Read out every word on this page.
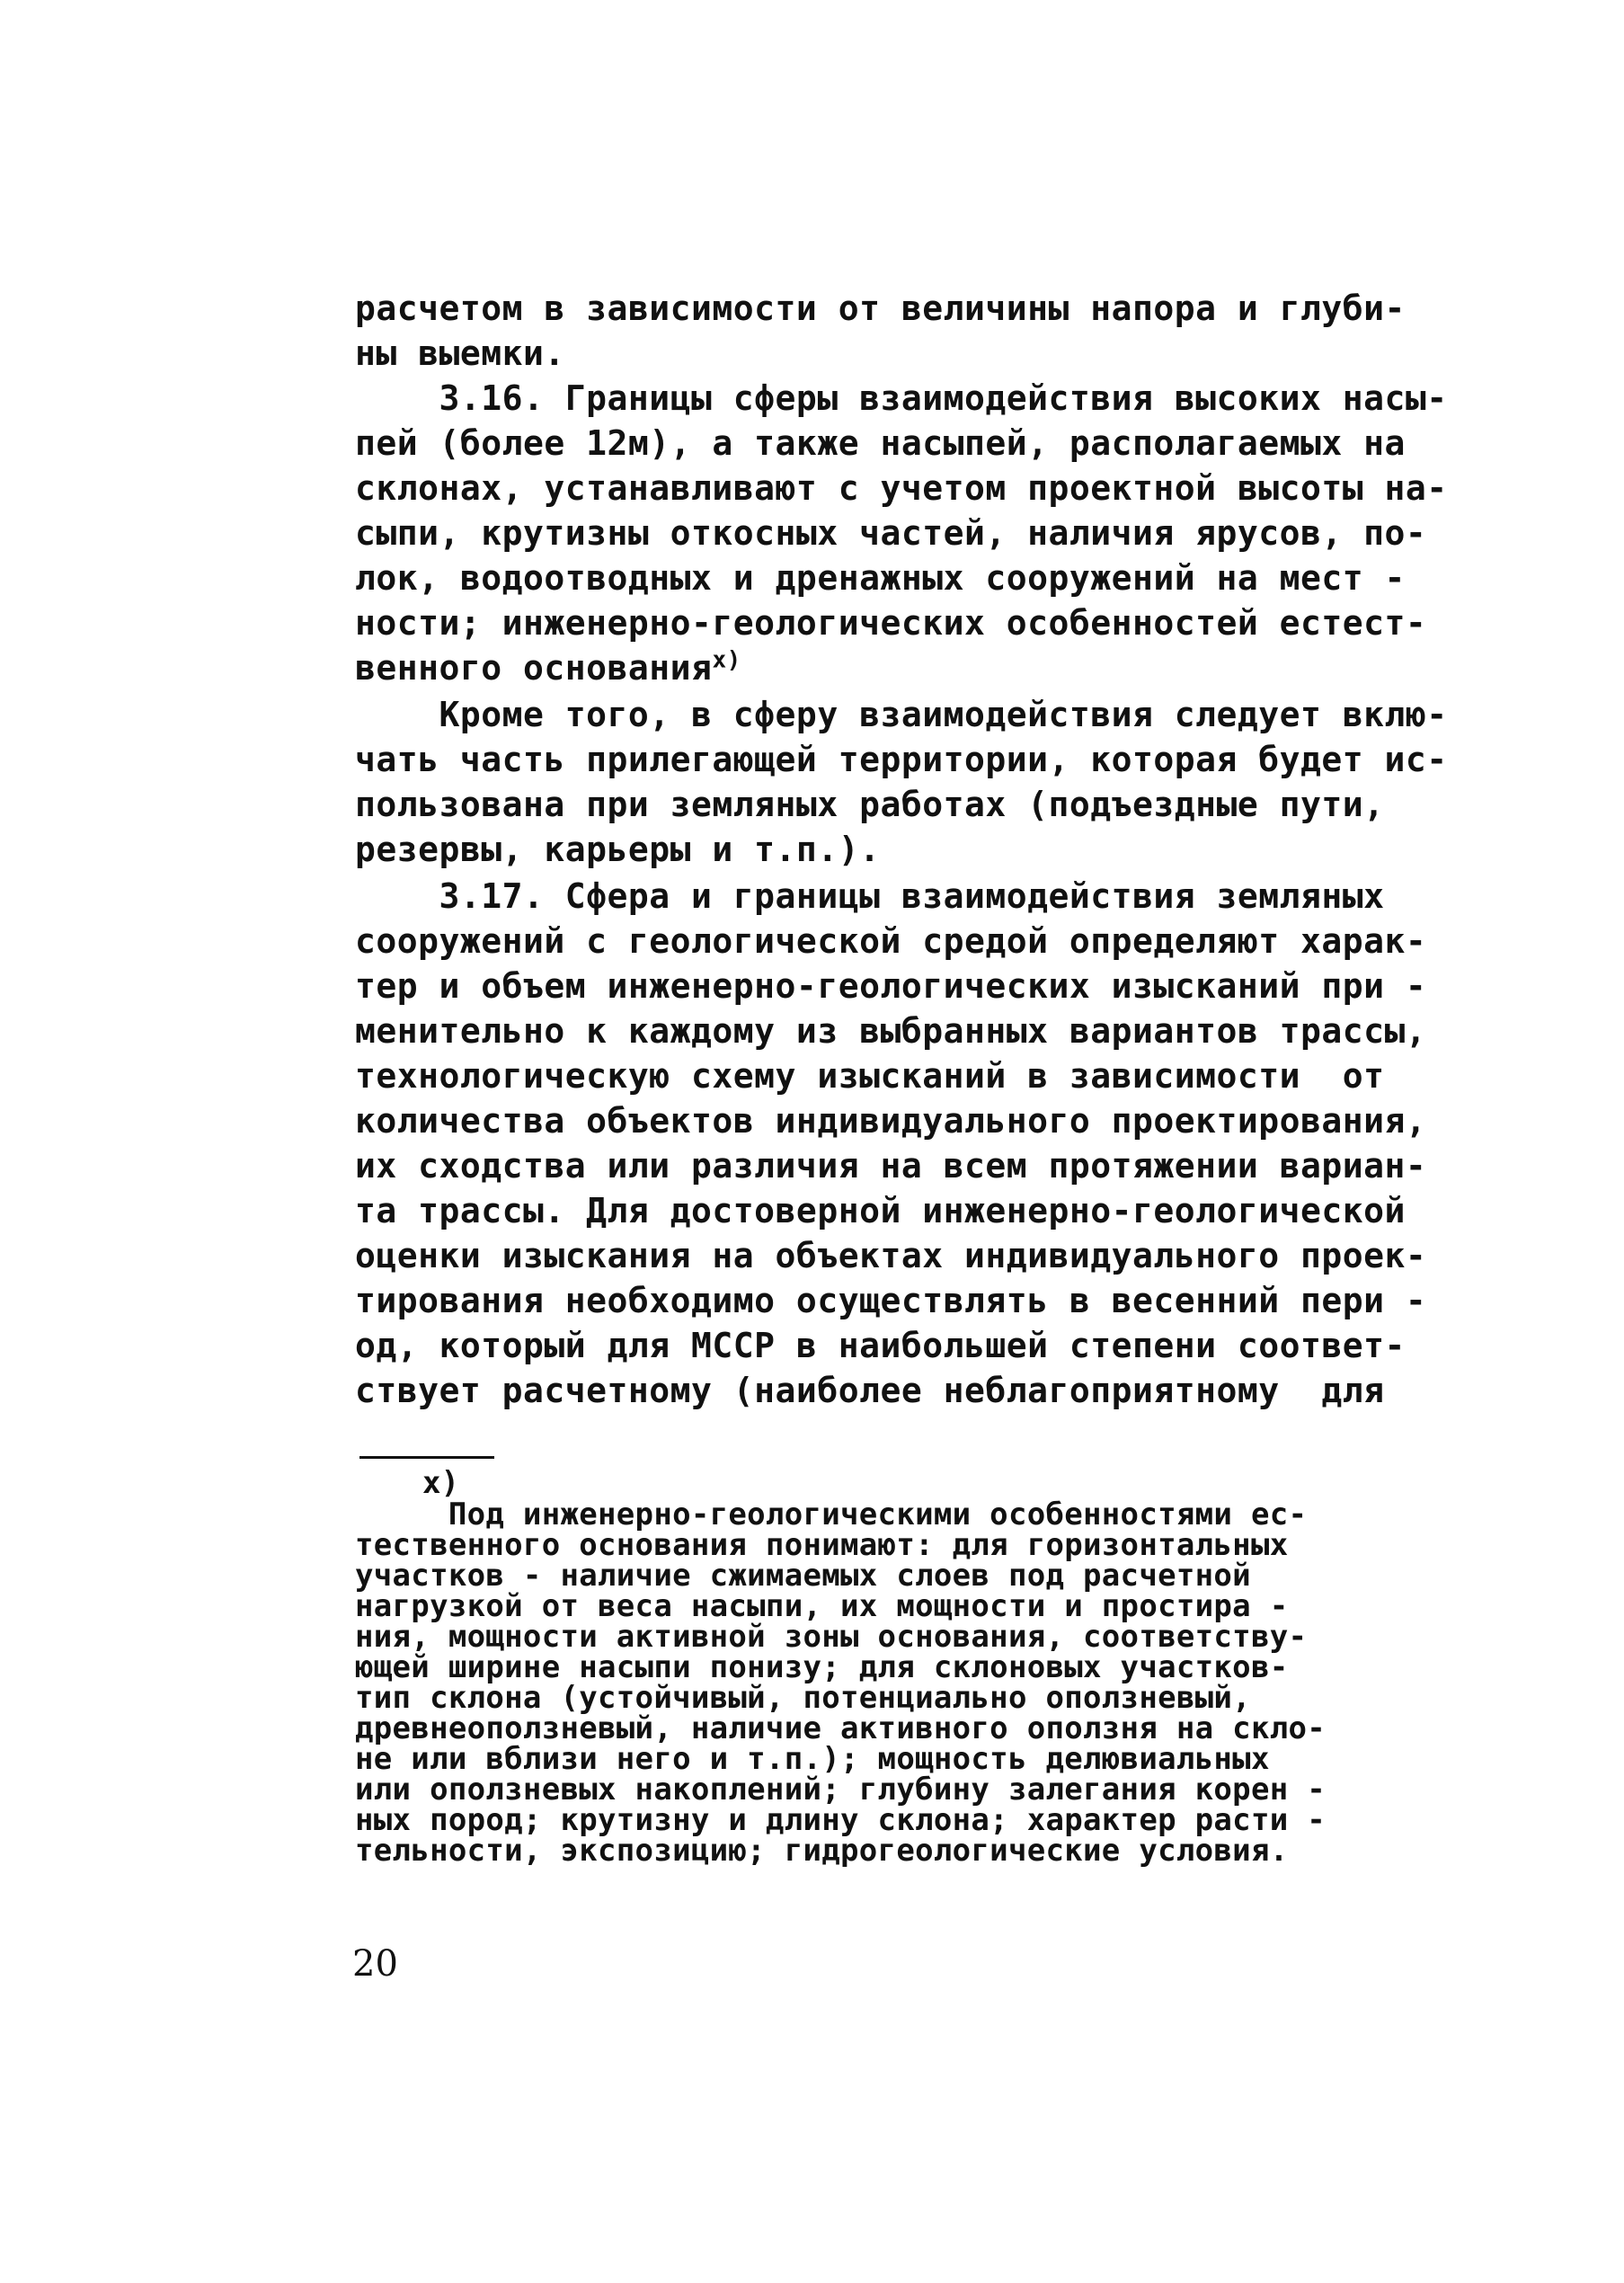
расчетом в зависимости от величины напора и глуби-
ны выемки.
3.16. Границы сферы взаимодействия высоких насы-
пей (более 12м), а также насыпей, располагаемых на
склонах, устанавливают с учетом проектной высоты на-
сыпи, крутизны откосных частей, наличия ярусов, по-
лок, водоотводных и дренажных сооружений на мест -
ности; инженерно-геологических особенностей естест-
венного основания$^{x)}$
Кроме того, в сферу взаимодействия следует вклю-
чать часть прилегающей территории, которая будет ис-
пользована при земляных работах (подъездные пути,
резервы, карьеры и т.п.).
3.17. Сфера и границы взаимодействия земляных
сооружений с геологической средой определяют харак-
тер и объем инженерно-геологических изысканий при -
менительно к каждому из выбранных вариантов трассы,
технологическую схему изысканий в зависимости  от
количества объектов индивидуального проектирования,
их сходства или различия на всем протяжении вариан-
та трассы. Для достоверной инженерно-геологической
оценки изыскания на объектах индивидуального проек-
тирования необходимо осуществлять в весенний пери -
од, который для МССР в наибольшей степени соответ-
ствует расчетному (наиболее неблагоприятному  для
x)
Под инженерно-геологическими особенностями ес-
тественного основания понимают: для горизонтальных
участков - наличие сжимаемых слоев под расчетной
нагрузкой от веса насыпи, их мощности и простира -
ния, мощности активной зоны основания, соответству-
ющей ширине насыпи понизу; для склоновых участков-
тип склона (устойчивый, потенциально оползневый,
древнеоползневый, наличие активного оползня на скло-
не или вблизи него и т.п.); мощность делювиальных
или оползневых накоплений; глубину залегания корен -
ных пород; крутизну и длину склона; характер расти -
тельности, экспозицию; гидрогеологические условия.
20
